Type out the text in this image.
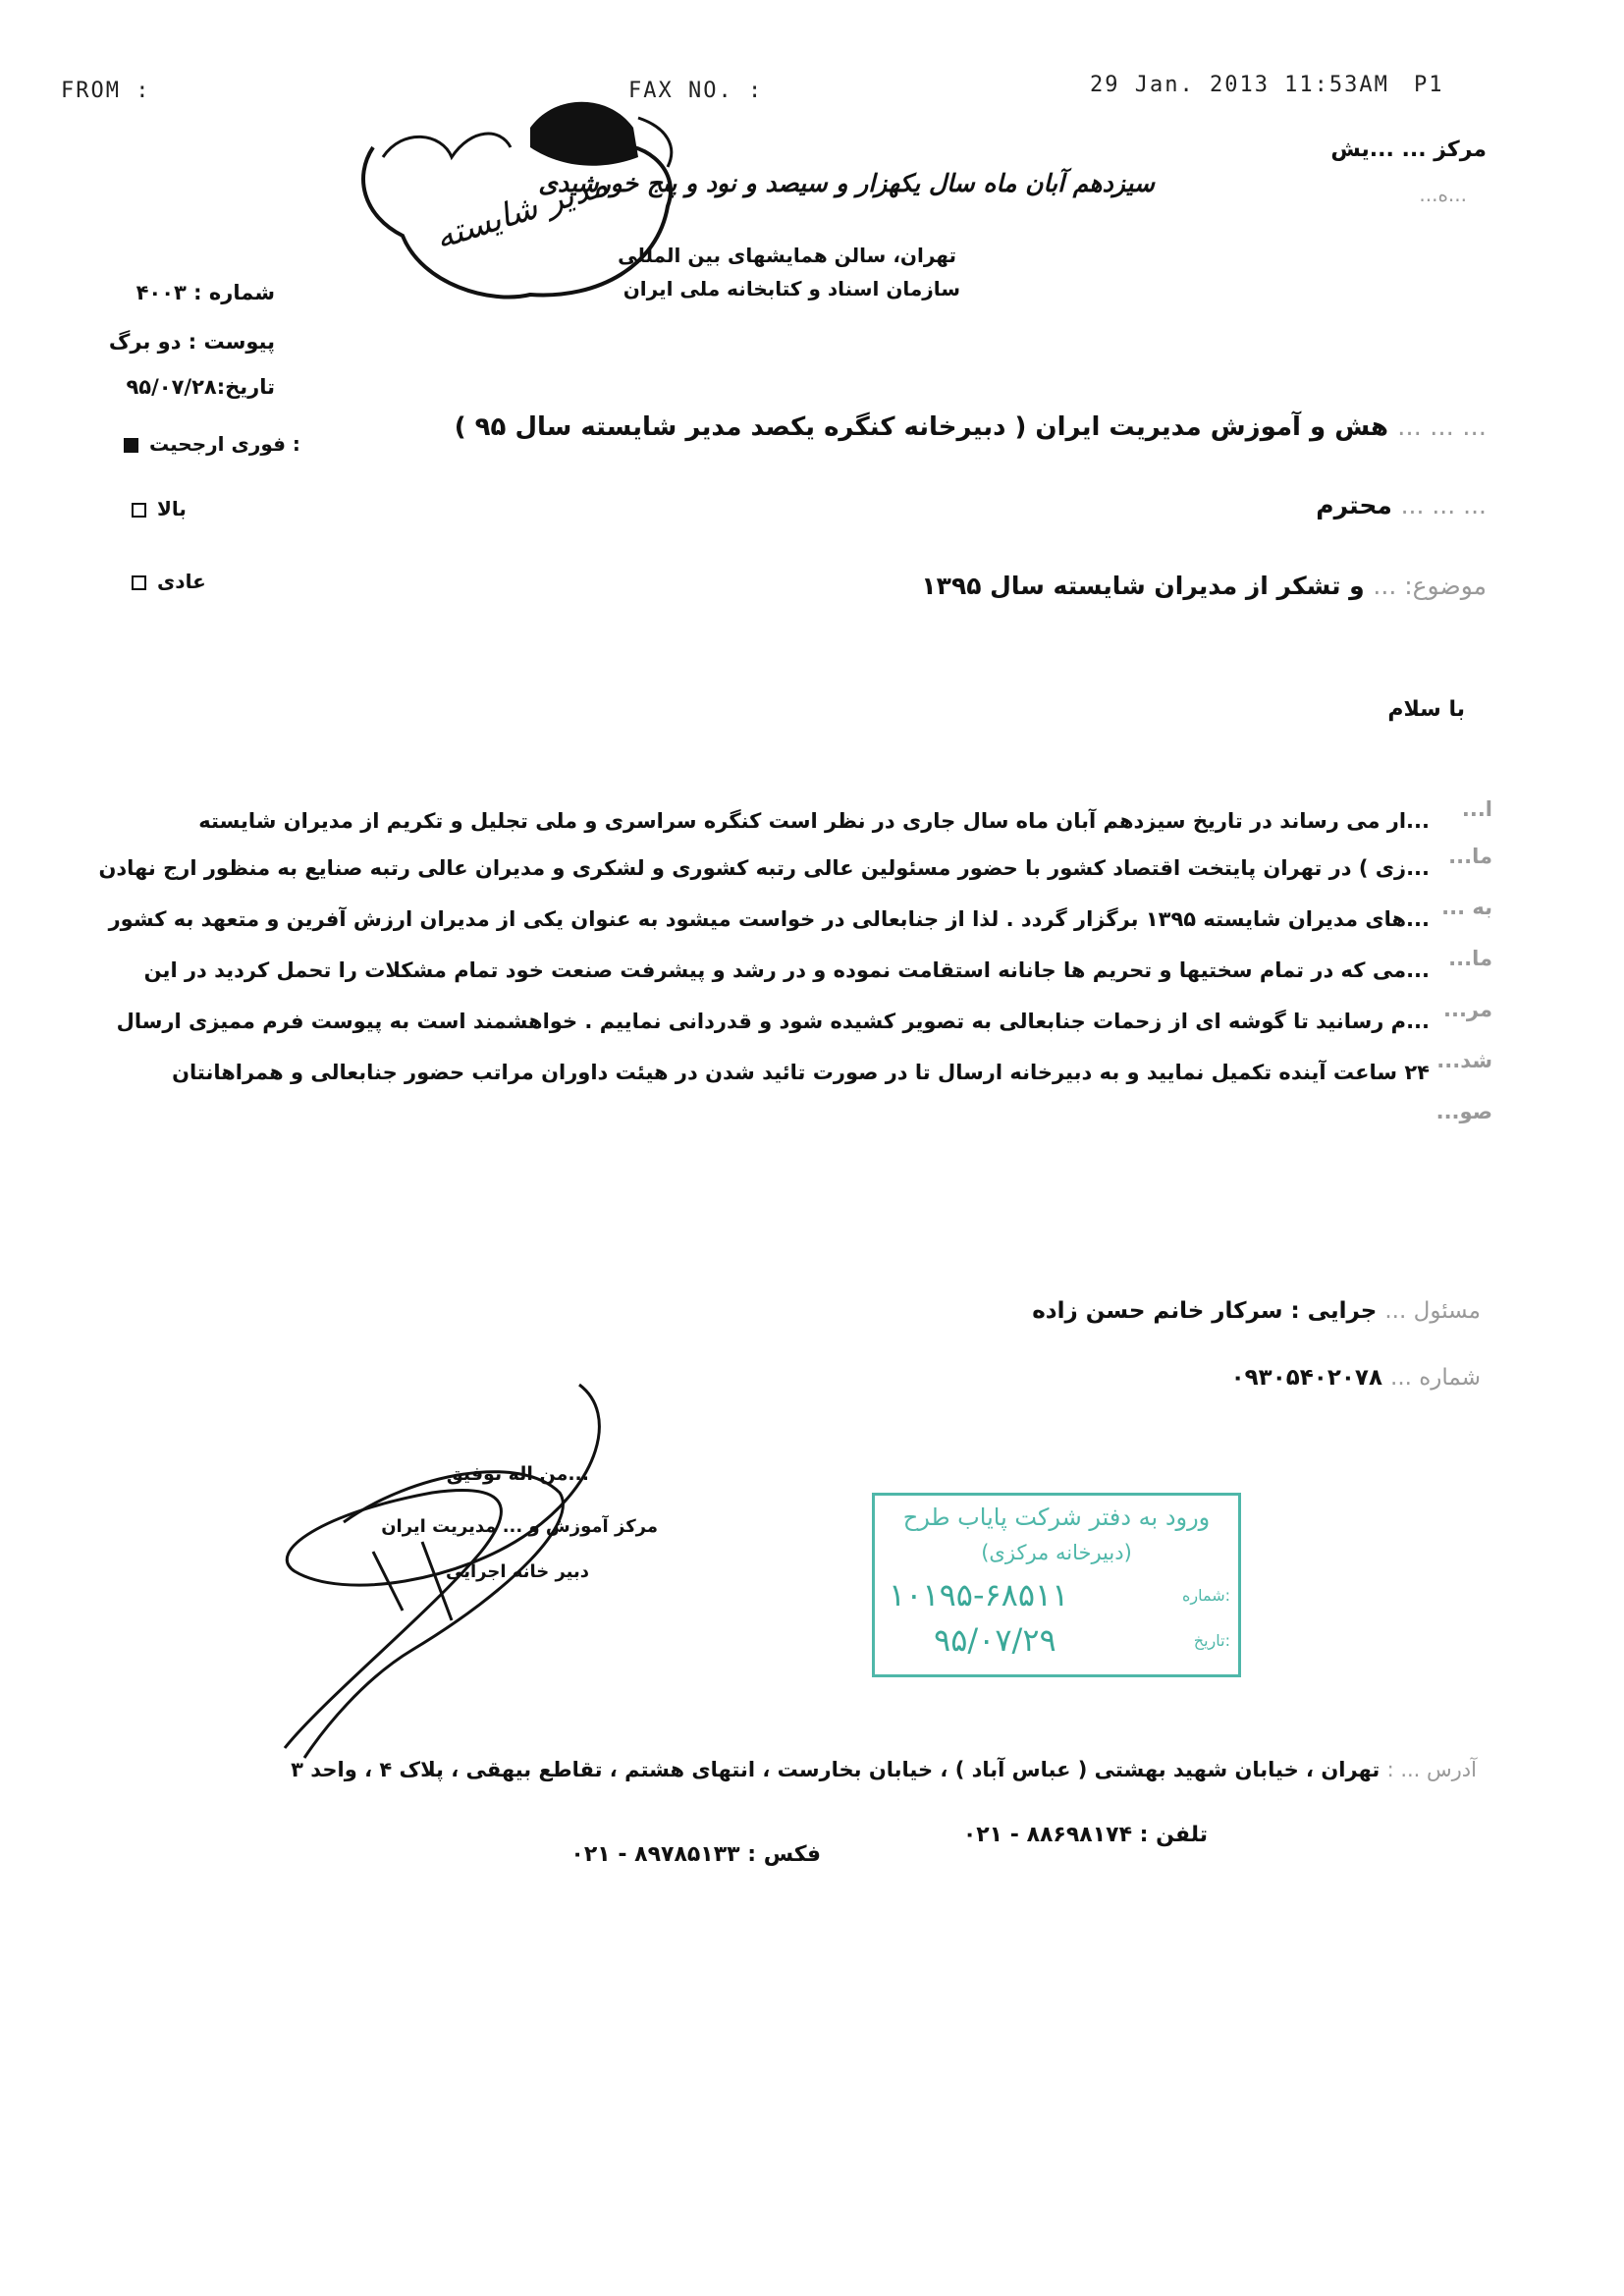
FROM :	FAX NO. :	29 Jan. 2013 11:53AM P1
مدیر شایسته
سیزدهم آبان ماه سال یکهزار و سیصد و نود و پنج خورشیدی
تهران، سالن همایشهای بین المللی
سازمان اسناد و کتابخانه ملی ایران
مرکز ... ...یش
...ه...
شماره : ۴۰۰۳
پیوست : دو برگ
تاریخ:۹۵/۰۷/۲۸
فوری ارجحیت :
بالا
عادی
... ... ... هش و آموزش مدیریت ایران ( دبیرخانه کنگره یکصد مدیر شایسته سال ۹۵ )
... ... ... محترم
موضوع: ... و تشکر از مدیران شایسته سال ۱۳۹۵
با سلام
ا...
...ار می رساند در تاریخ سیزدهم آبان ماه سال جاری در نظر است کنگره سراسری و ملی تجلیل و تکریم از مدیران شایسته
ما...
...زی ) در تهران پایتخت اقتصاد کشور با حضور مسئولین عالی رتبه کشوری و لشکری و مدیران عالی رتبه صنایع به منظور ارج نهادن
به ...
...های مدیران شایسته ۱۳۹۵ برگزار گردد . لذا از جنابعالی در خواست میشود به عنوان یکی از مدیران ارزش آفرین و متعهد به کشور
ما...
...می که در تمام سختیها و تحریم ها جانانه استقامت نموده و در رشد و پیشرفت صنعت خود تمام مشکلات را تحمل کردید در این
مر...
...م رسانید تا گوشه ای از زحمات جنابعالی به تصویر کشیده شود و قدردانی نماییم . خواهشمند است به پیوست فرم ممیزی ارسال
شد...
۲۴ ساعت آینده تکمیل نمایید و به دبیرخانه ارسال تا در صورت تائید شدن در هیئت داوران مراتب حضور جنابعالی و همراهانتان
صو...
مسئول ... جرایی : سرکار خانم حسن زاده
شماره ... ۰۹۳۰۵۴۰۲۰۷۸
...من اله توفیق
مرکز آموزش و ... مدیریت ایران
دبیر خانه اجرایی
ورود به دفتر شرکت پایاب طرح
(دبیرخانه مرکزی)
شماره:
۱۰۱۹۵-۶۸۵۱۱
تاریخ:
۹۵/۰۷/۲۹
آدرس ... : تهران ، خیابان شهید بهشتی ( عباس آباد ) ، خیابان بخارست ، انتهای هشتم ، تقاطع بیهقی ، پلاک ۴ ، واحد ۳
تلفن : ۸۸۶۹۸۱۷۴ - ۰۲۱
فکس : ۸۹۷۸۵۱۳۳ - ۰۲۱
